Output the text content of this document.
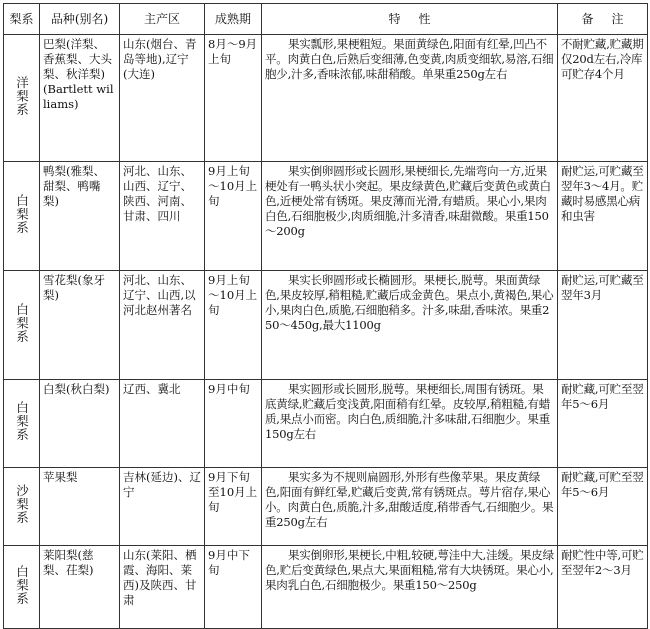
梨系	品种(别名)	主产区	成熟期	特性	备注
洋梨系	巴梨(洋梨、香蕉梨、大头梨、秋洋梨)(Bartlett williams)	山东(烟台、青岛等地),辽宁(大连)	8月～9月上旬	果实瓢形,果梗粗短。果面黄绿色,阳面有红晕,凹凸不平。肉黄白色,后熟后变细薄,色变黄,肉质变细软,易溶,石细胞少,汁多,香味浓郁,味甜稍酸。单果重250g左右	不耐贮藏,贮藏期仅20d左右,冷库可贮存4个月
白梨系	鸭梨(雅梨、甜梨、鸭嘴梨)	河北、山东、山西、辽宁、陕西、河南、甘肃、四川	9月上旬～10月上旬	果实倒卵圆形或长圆形,果梗细长,先端弯向一方,近果梗处有一鸭头状小突起。果皮绿黄色,贮藏后变黄色或黄白色,近梗处常有锈斑。果皮薄而光滑,有蜡质。果心小,果肉白色,石细胞极少,肉质细脆,汁多清香,味甜微酸。果重150～200g	耐贮运,可贮藏至翌年3～4月。贮藏时易感黑心病和虫害
白梨系	雪花梨(象牙梨)	河北、山东、辽宁、山西,以河北赵州著名	9月上旬～10月上旬	果实长卵圆形或长椭圆形。果梗长,脱萼。果面黄绿色,果皮较厚,稍粗糙,贮藏后成金黄色。果点小,黄褐色,果心小,果肉白色,质脆,石细胞稍多。汁多,味甜,香味浓。果重250～450g,最大1100g	耐贮运,可贮藏至翌年3月
白梨系	白梨(秋白梨)	辽西、冀北	9月中旬	果实圆形或长圆形,脱萼。果梗细长,周围有锈斑。果底黄绿,贮藏后变浅黄,阳面稍有红晕。皮较厚,稍粗糙,有蜡质,果点小而密。肉白色,质细脆,汁多味甜,石细胞少。果重150g左右	耐贮藏,可贮至翌年5～6月
沙梨系	苹果梨	吉林(延边)、辽宁	9月下旬至10月上旬	果实多为不规则扁圆形,外形有些像苹果。果皮黄绿色,阳面有鲜红晕,贮藏后变黄,常有锈斑点。萼片宿存,果心小。肉黄白色,质脆,汁多,甜酸适度,稍带香气,石细胞少。果重250g左右	耐贮藏,可贮至翌年5～6月
白梨系	莱阳梨(慈梨、茌梨)	山东(莱阳、栖霞、海阳、莱西)及陕西、甘肃	9月中下旬	果实倒卵形,果梗长,中粗,较硬,萼洼中大,洼缓。果皮绿色,贮后变黄绿色,果点大,果面粗糙,常有大块锈斑。果心小,果肉乳白色,石细胞极少。果重150～250g	耐贮性中等,可贮至翌年2～3月
